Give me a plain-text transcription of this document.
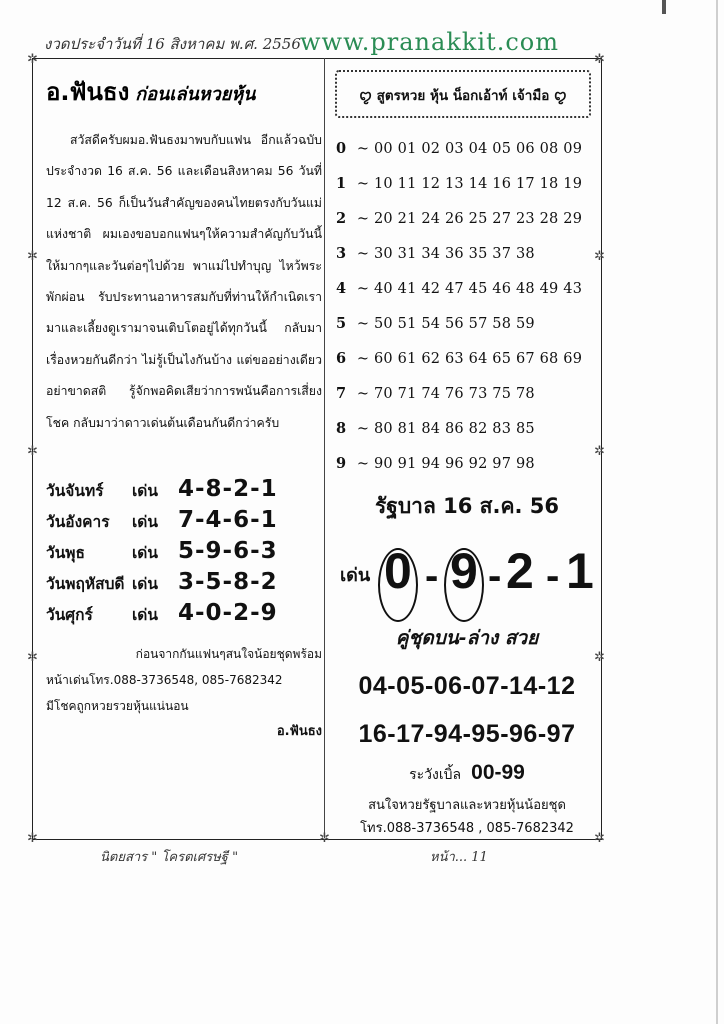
งวดประจำวันที่ 16 สิงหาคม พ.ศ. 2556 www.pranakkit.com
✲	✲
✲	✲
✲	✲
✲	✲
✲	✲	✲
อ.ฟันธง ก่อนเล่นหวยหุ้น
สวัสดีครับผมอ.ฟันธงมาพบกับแฟน อีกแล้วฉบับประจำงวด 16 ส.ค. 56 และเดือนสิงหาคม 56 วันที่ 12 ส.ค. 56 ก็เป็นวันสำคัญของคนไทยตรงกับวันแม่แห่งชาติ ผมเองขอบอกแฟนๆให้ความสำคัญกับวันนี้ให้มากๆและวันต่อๆไปด้วย พาแม่ไปทำบุญ ไหว้พระ พักผ่อน รับประทานอาหารสมกับที่ท่านให้กำเนิดเรามาและเลี้ยงดูเรามาจนเติบโตอยู่ได้ทุกวันนี้ กลับมาเรื่องหวยกันดีกว่า ไม่รู้เป็นไงกันบ้าง แต่ขออย่างเดียว อย่าขาดสติ รู้จักพอคิดเสียว่าการพนันคือการเสี่ยงโชค กลับมาว่าดาวเด่นต้นเดือนกันดีกว่าครับ
วันจันทร์	เด่น 4-8-2-1
วันอังคาร	เด่น 7-4-6-1
วันพุธ	เด่น 5-9-6-3
วันพฤหัสบดี เด่น 3-5-8-2
วันศุกร์	เด่น 4-0-2-9
ก่อนจากกันแฟนๆสนใจน้อยชุดพร้อม
หน้าเด่นโทร.088-3736548, 085-7682342
มีโชคถูกหวยรวยหุ้นแน่นอน
อ.ฟันธง
ꨄ สูตรหวย หุ้น น็อกเอ้าท์ เจ้ามือ ꨄ
0	~	00 01 02 03 04 05 06 08 09
1	~	10 11 12 13 14 16 17 18 19
2	~	20 21 24 26 25 27 23 28 29
3	~	30 31 34 36 35 37 38
4	~	40 41 42 47 45 46 48 49 43
5	~	50 51 54 56 57 58 59
6	~	60 61 62 63 64 65 67 68 69
7	~	70 71 74 76 73 75 78
8	~	80 81 84 86 82 83 85
9	~	90 91 94 96 92 97 98
รัฐบาล 16 ส.ค. 56
เด่น 0 - 9 - 2 - 1
คู่ชุดบน-ล่าง สวย
04-05-06-07-14-12
16-17-94-95-96-97
ระวังเบิ้ล 00-99
สนใจหวยรัฐบาลและหวยหุ้นน้อยชุด
โทร.088-3736548 , 085-7682342
นิตยสาร " โครตเศรษฐี "	หน้า... 11
